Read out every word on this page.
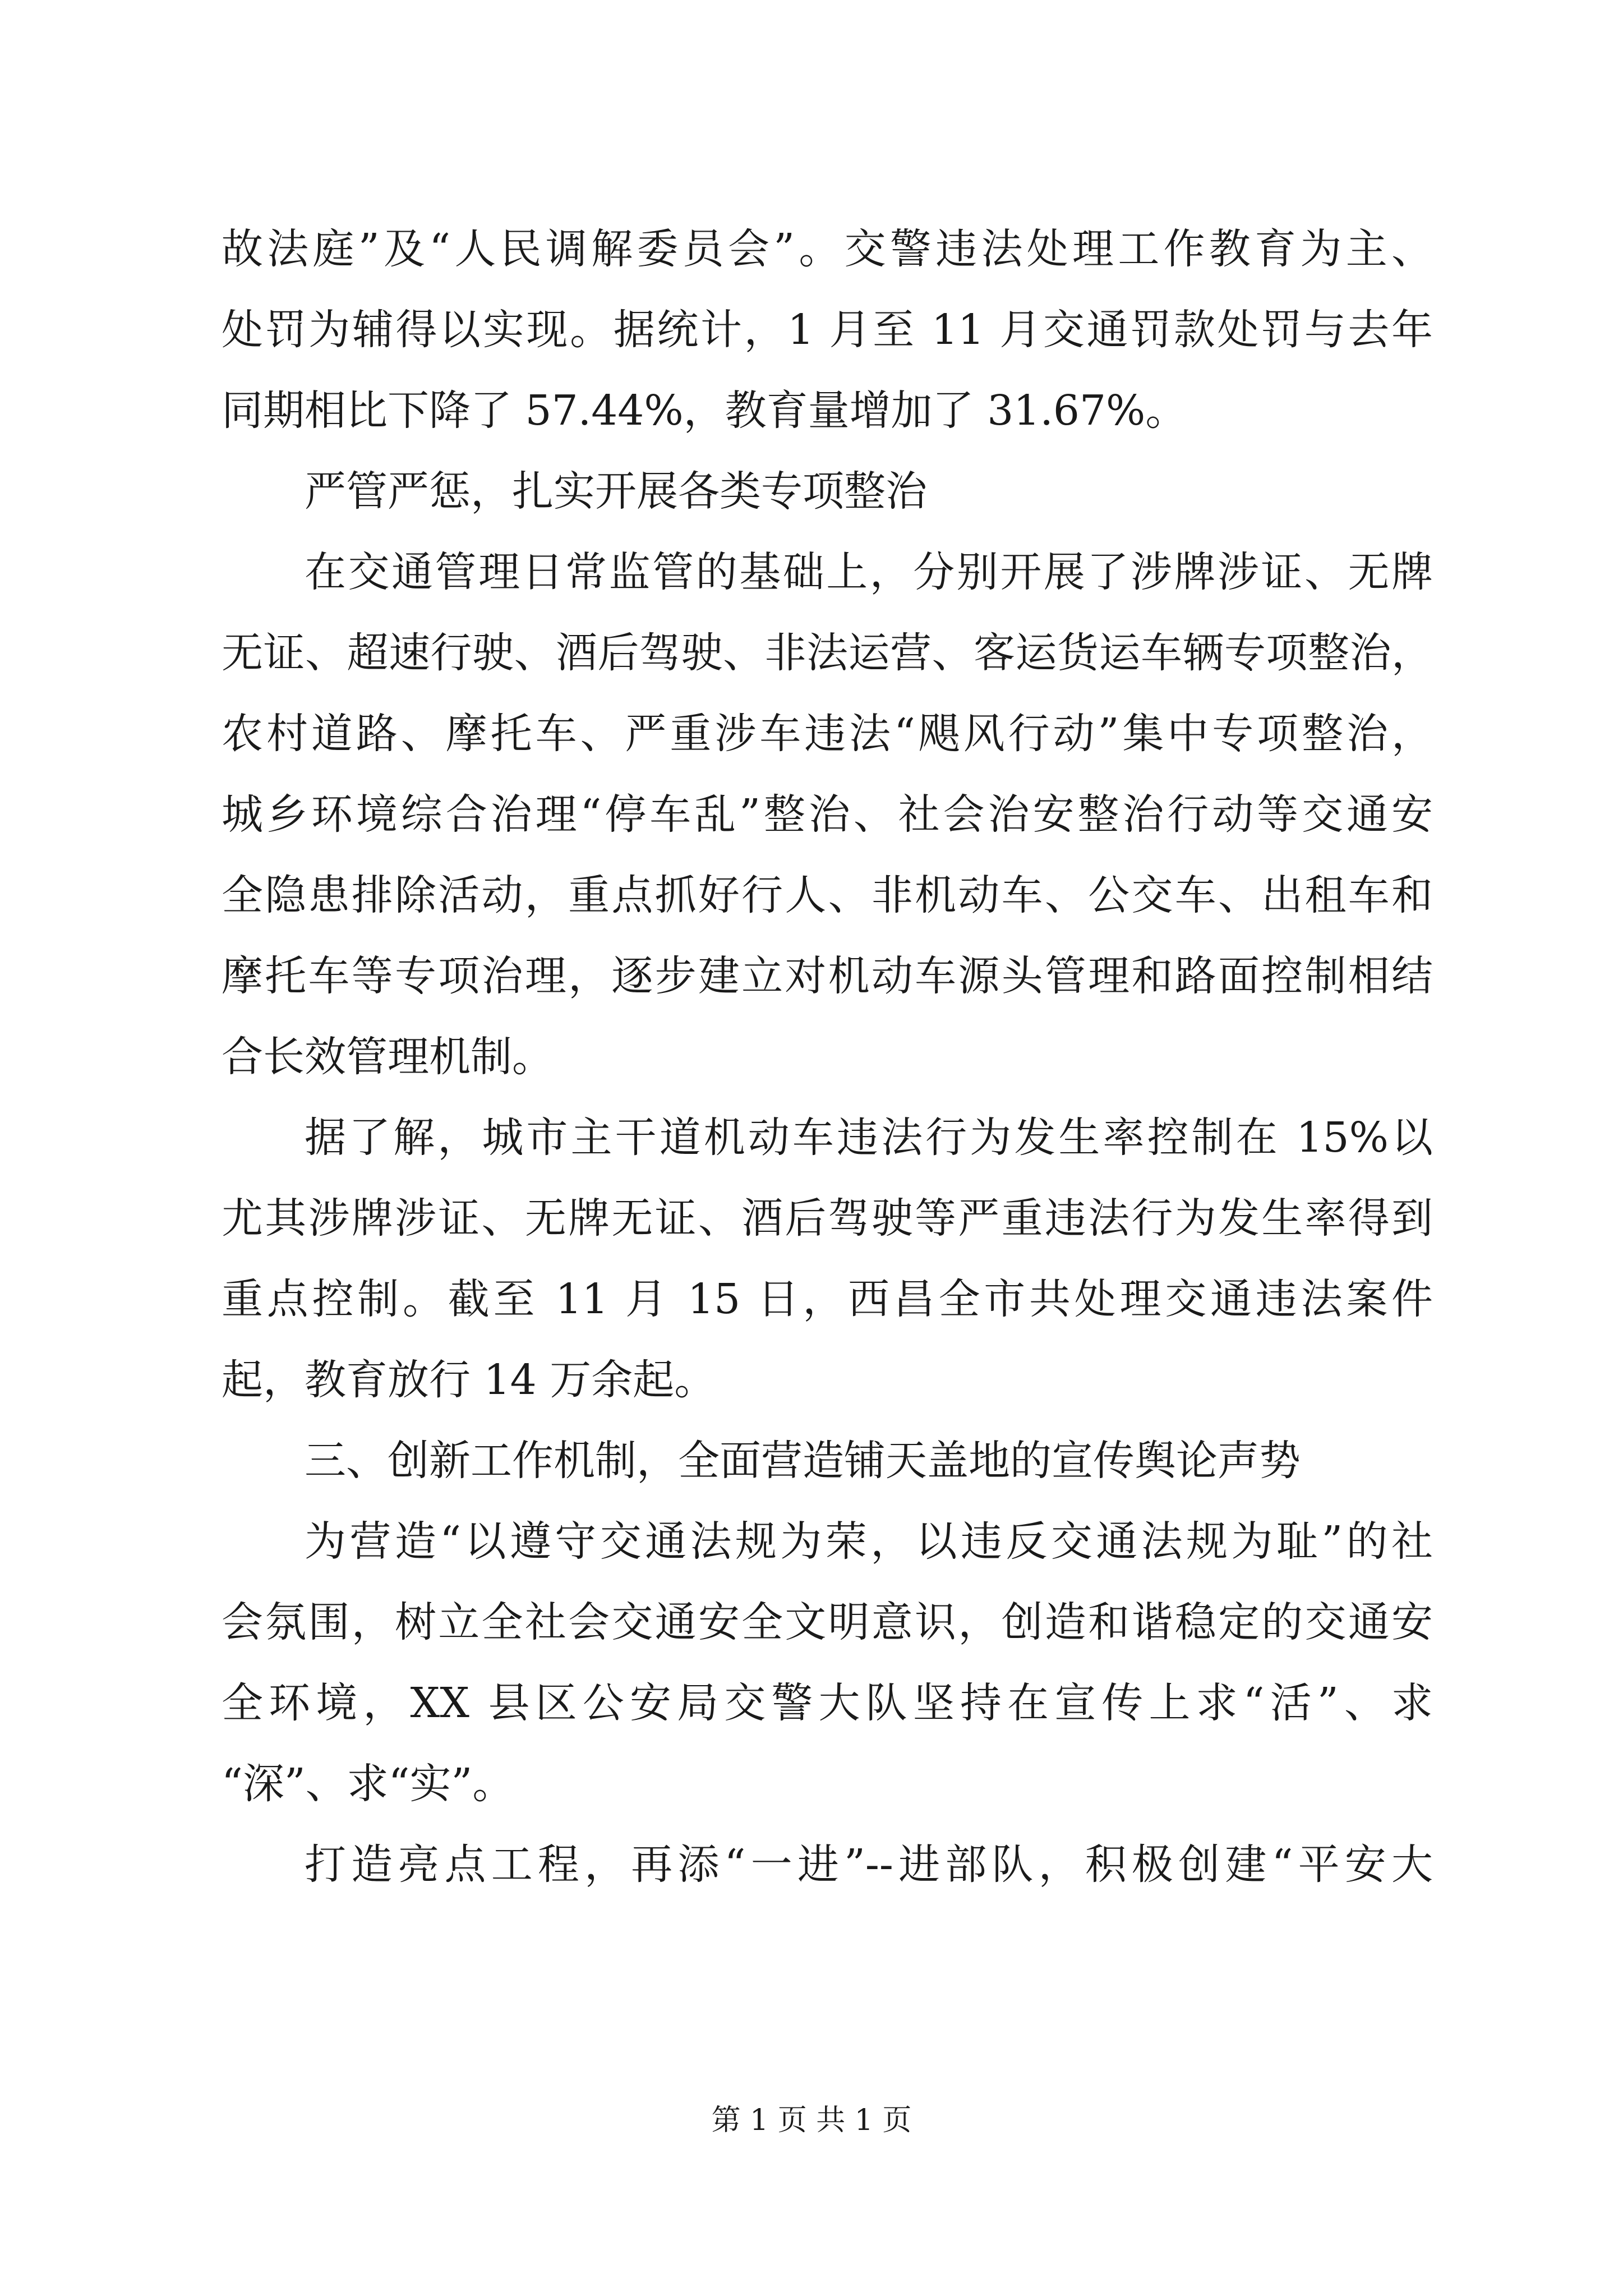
故法庭”及“人民调解委员会”。交警违法处理工作教育为主、
处罚为辅得以实现。据统计，1 月至 11 月交通罚款处罚与去年
同期相比下降了 57.44%，教育量增加了 31.67%。
严管严惩，扎实开展各类专项整治
在交通管理日常监管的基础上，分别开展了涉牌涉证、无牌
无证、超速行驶、酒后驾驶、非法运营、客运货运车辆专项整治，
农村道路、摩托车、严重涉车违法“飓风行动”集中专项整治，
城乡环境综合治理“停车乱”整治、社会治安整治行动等交通安
全隐患排除活动，重点抓好行人、非机动车、公交车、出租车和
摩托车等专项治理，逐步建立对机动车源头管理和路面控制相结
合长效管理机制。
据了解，城市主干道机动车违法行为发生率控制在 15%以
尤其涉牌涉证、无牌无证、酒后驾驶等严重违法行为发生率得到
重点控制。截至 11 月 15 日，西昌全市共处理交通违法案件
起，教育放行 14 万余起。
三、创新工作机制，全面营造铺天盖地的宣传舆论声势
为营造“以遵守交通法规为荣，以违反交通法规为耻”的社
会氛围，树立全社会交通安全文明意识，创造和谐稳定的交通安
全环境，XX 县区公安局交警大队坚持在宣传上求“活”、求
“深”、求“实”。
打造亮点工程，再添“一进”--进部队，积极创建“平安大
第 1 页 共 1 页
